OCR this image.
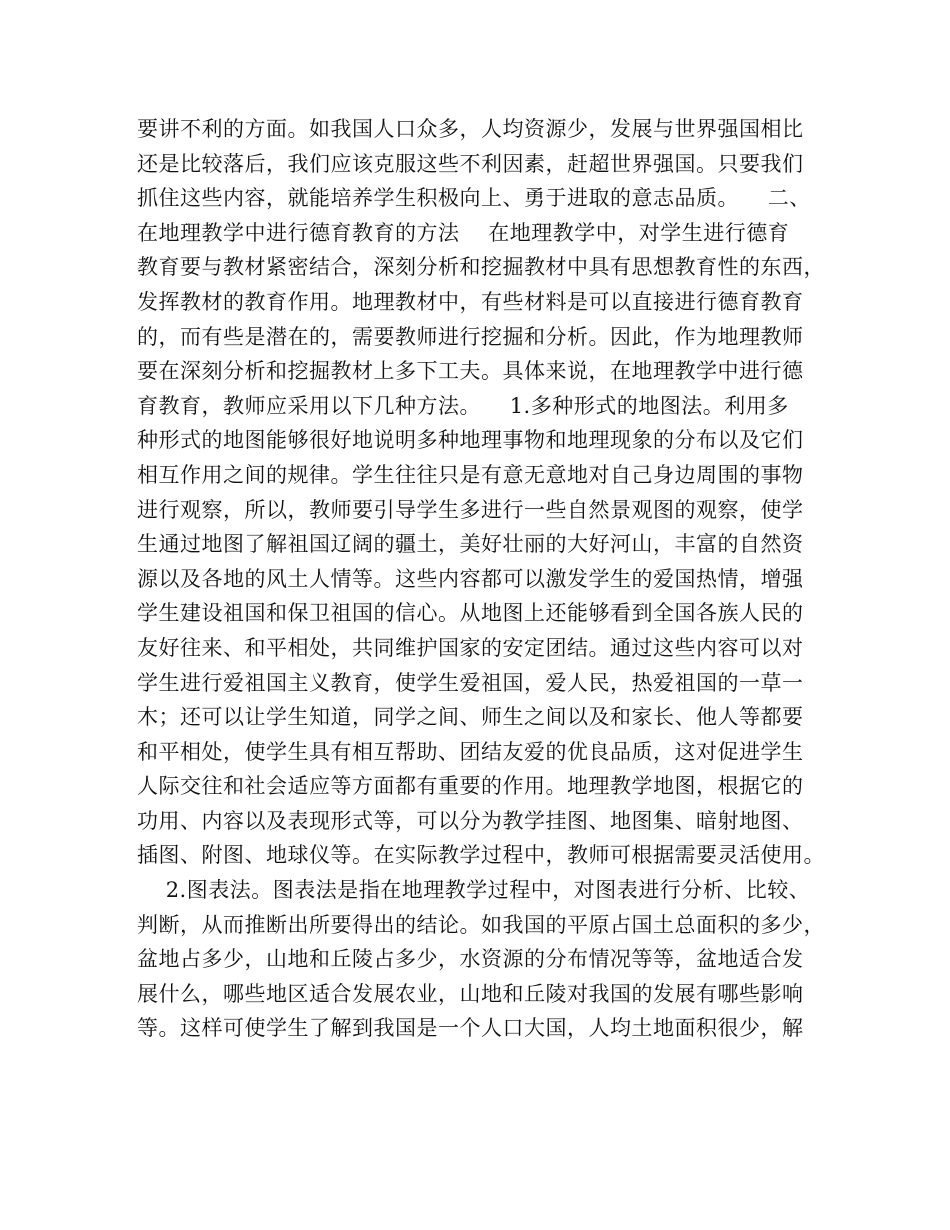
要讲不利的方面。如我国人口众多，人均资源少，发展与世界强国相比
还是比较落后，我们应该克服这些不利因素，赶超世界强国。只要我们
抓住这些内容，就能培养学生积极向上、勇于进取的意志品质。    二、
在地理教学中进行德育教育的方法    在地理教学中，对学生进行德育
教育要与教材紧密结合，深刻分析和挖掘教材中具有思想教育性的东西，
发挥教材的教育作用。地理教材中，有些材料是可以直接进行德育教育
的，而有些是潜在的，需要教师进行挖掘和分析。因此，作为地理教师
要在深刻分析和挖掘教材上多下工夫。具体来说，在地理教学中进行德
育教育，教师应采用以下几种方法。    1.多种形式的地图法。利用多
种形式的地图能够很好地说明多种地理事物和地理现象的分布以及它们
相互作用之间的规律。学生往往只是有意无意地对自己身边周围的事物
进行观察，所以，教师要引导学生多进行一些自然景观图的观察，使学
生通过地图了解祖国辽阔的疆土，美好壮丽的大好河山，丰富的自然资
源以及各地的风土人情等。这些内容都可以激发学生的爱国热情，增强
学生建设祖国和保卫祖国的信心。从地图上还能够看到全国各族人民的
友好往来、和平相处，共同维护国家的安定团结。通过这些内容可以对
学生进行爱祖国主义教育，使学生爱祖国，爱人民，热爱祖国的一草一
木；还可以让学生知道，同学之间、师生之间以及和家长、他人等都要
和平相处，使学生具有相互帮助、团结友爱的优良品质，这对促进学生
人际交往和社会适应等方面都有重要的作用。地理教学地图，根据它的
功用、内容以及表现形式等，可以分为教学挂图、地图集、暗射地图、
插图、附图、地球仪等。在实际教学过程中，教师可根据需要灵活使用。
2.图表法。图表法是指在地理教学过程中，对图表进行分析、比较、
判断，从而推断出所要得出的结论。如我国的平原占国土总面积的多少，
盆地占多少，山地和丘陵占多少，水资源的分布情况等等，盆地适合发
展什么，哪些地区适合发展农业，山地和丘陵对我国的发展有哪些影响
等。这样可使学生了解到我国是一个人口大国，人均土地面积很少，解
